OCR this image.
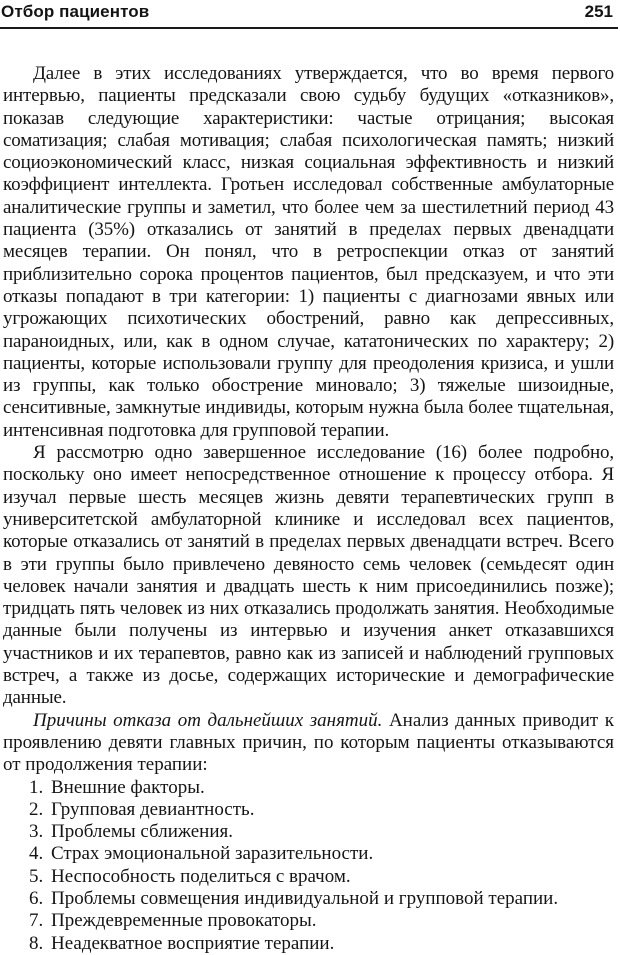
Отбор пациентов	251

Далее в этих исследованиях утверждается, что во время первого интервью, пациенты предсказали свою судьбу будущих «отказников», показав следующие характеристики: частые отрицания; высокая соматизация; слабая мотивация; слабая психологическая память; низкий социоэкономический класс, низкая социальная эффективность и низкий коэффициент интеллекта. Гротьен исследовал собственные амбулаторные аналитические группы и заметил, что более чем за шестилетний период 43 пациента (35%) отказались от занятий в пределах первых двенадцати месяцев терапии. Он понял, что в ретроспекции отказ от занятий приблизительно сорока процентов пациентов, был предсказуем, и что эти отказы попадают в три категории: 1) пациенты с диагнозами явных или угрожающих психотических обострений, равно как депрессивных, параноидных, или, как в одном случае, кататонических по характеру; 2) пациенты, которые использовали группу для преодоления кризиса, и ушли из группы, как только обострение миновало; 3) тяжелые шизоидные, сенситивные, замкнутые индивиды, которым нужна была более тщательная, интенсивная подготовка для групповой терапии.

Я рассмотрю одно завершенное исследование (16) более подробно, поскольку оно имеет непосредственное отношение к процессу отбора. Я изучал первые шесть месяцев жизнь девяти терапевтических групп в университетской амбулаторной клинике и исследовал всех пациентов, которые отказались от занятий в пределах первых двенадцати встреч. Всего в эти группы было привлечено девяносто семь человек (семьдесят один человек начали занятия и двадцать шесть к ним присоединились позже); тридцать пять человек из них отказались продолжать занятия. Необходимые данные были получены из интервью и изучения анкет отказавшихся участников и их терапевтов, равно как из записей и наблюдений групповых встреч, а также из досье, содержащих исторические и демографические данные.

Причины отказа от дальнейших занятий. Анализ данных приводит к проявлению девяти главных причин, по которым пациенты отказываются от продолжения терапии:

1. Внешние факторы.
2. Групповая девиантность.
3. Проблемы сближения.
4. Страх эмоциональной заразительности.
5. Неспособность поделиться с врачом.
6. Проблемы совмещения индивидуальной и групповой терапии.
7. Преждевременные провокаторы.
8. Неадекватное восприятие терапии.
